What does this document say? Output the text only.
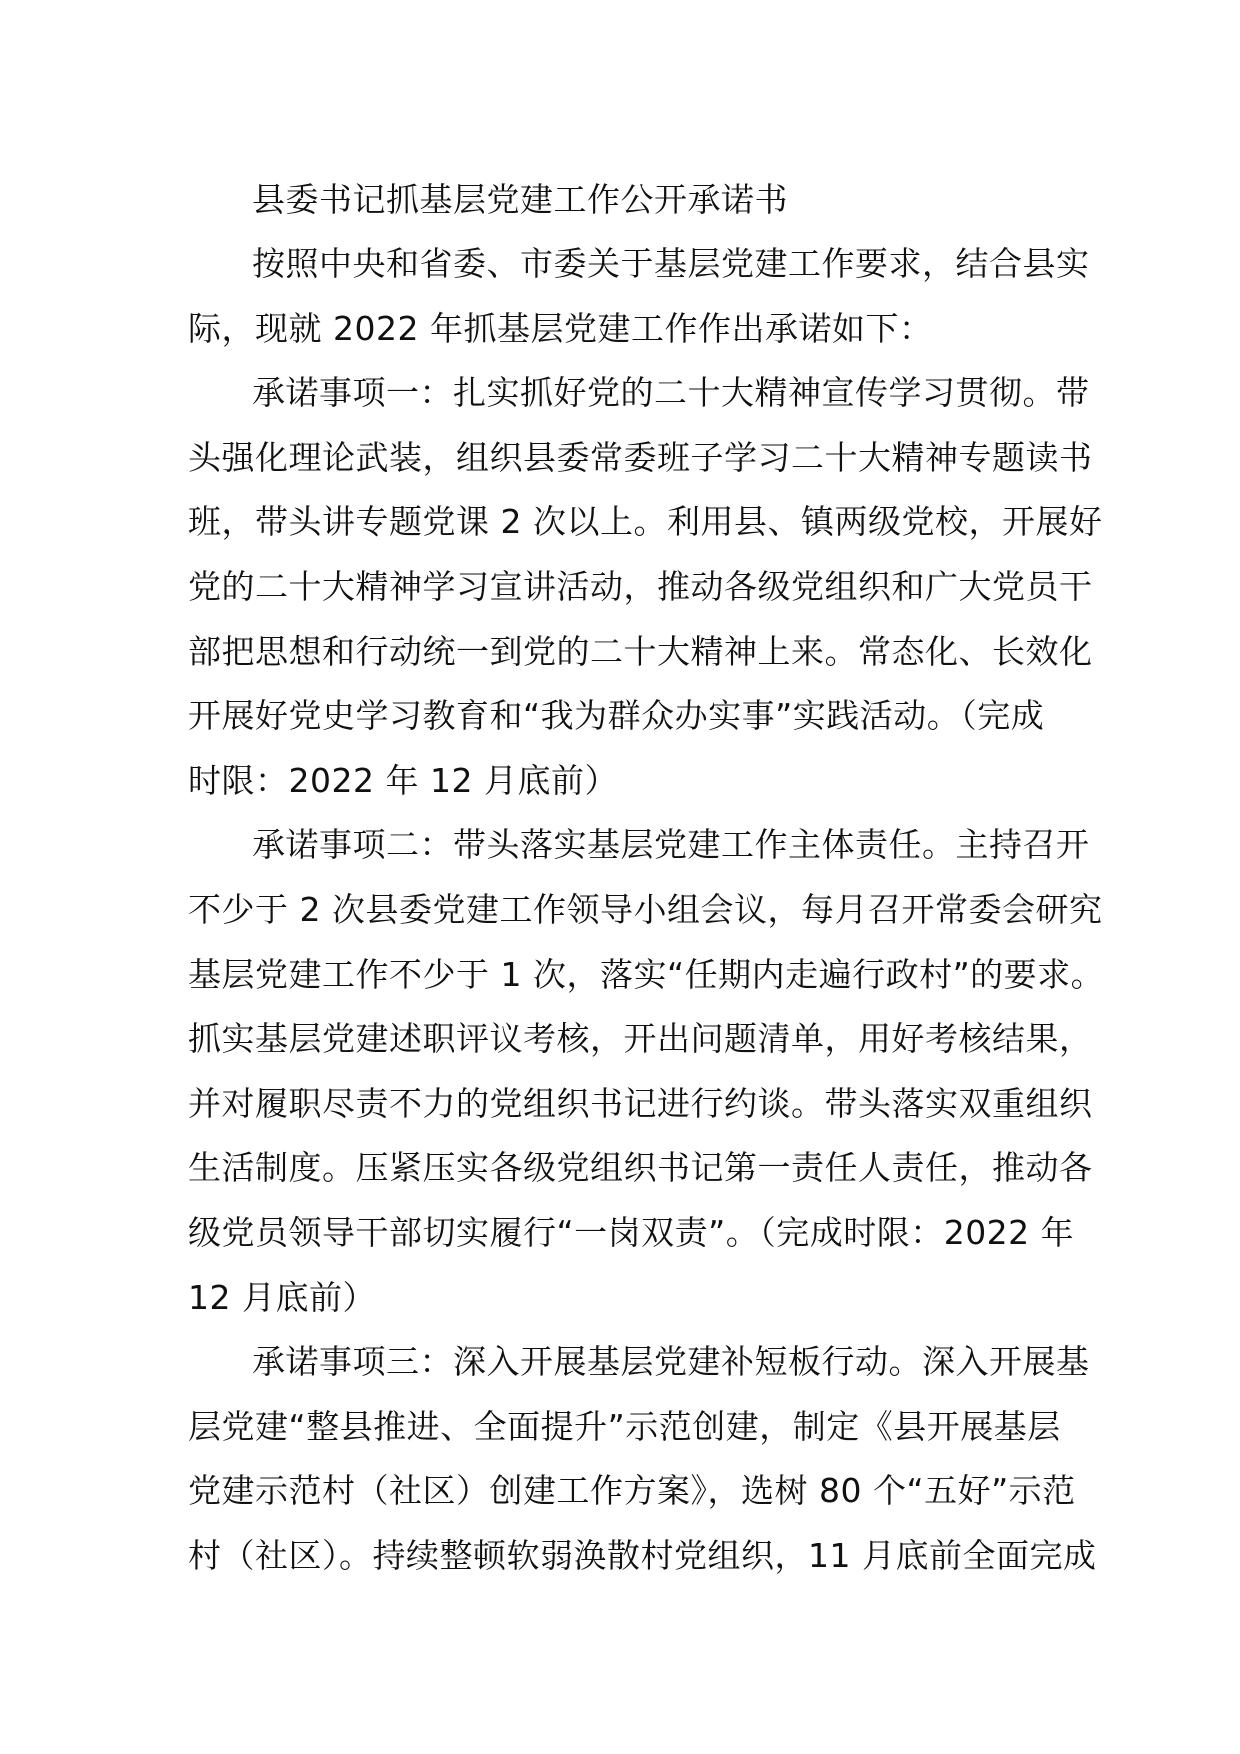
县委书记抓基层党建工作公开承诺书
按照中央和省委、市委关于基层党建工作要求，结合县实
际，现就 2022 年抓基层党建工作作出承诺如下：
承诺事项一：扎实抓好党的二十大精神宣传学习贯彻。带
头强化理论武装，组织县委常委班子学习二十大精神专题读书
班，带头讲专题党课 2 次以上。利用县、镇两级党校，开展好
党的二十大精神学习宣讲活动，推动各级党组织和广大党员干
部把思想和行动统一到党的二十大精神上来。常态化、长效化
开展好党史学习教育和“我为群众办实事”实践活动。（完成
时限：2022 年 12 月底前）
承诺事项二：带头落实基层党建工作主体责任。主持召开
不少于 2 次县委党建工作领导小组会议，每月召开常委会研究
基层党建工作不少于 1 次，落实“任期内走遍行政村”的要求。
抓实基层党建述职评议考核，开出问题清单，用好考核结果，
并对履职尽责不力的党组织书记进行约谈。带头落实双重组织
生活制度。压紧压实各级党组织书记第一责任人责任，推动各
级党员领导干部切实履行“一岗双责”。（完成时限：2022 年
12 月底前）
承诺事项三：深入开展基层党建补短板行动。深入开展基
层党建“整县推进、全面提升”示范创建，制定《县开展基层
党建示范村（社区）创建工作方案》，选树 80 个“五好”示范
村（社区）。持续整顿软弱涣散村党组织，11 月底前全面完成
